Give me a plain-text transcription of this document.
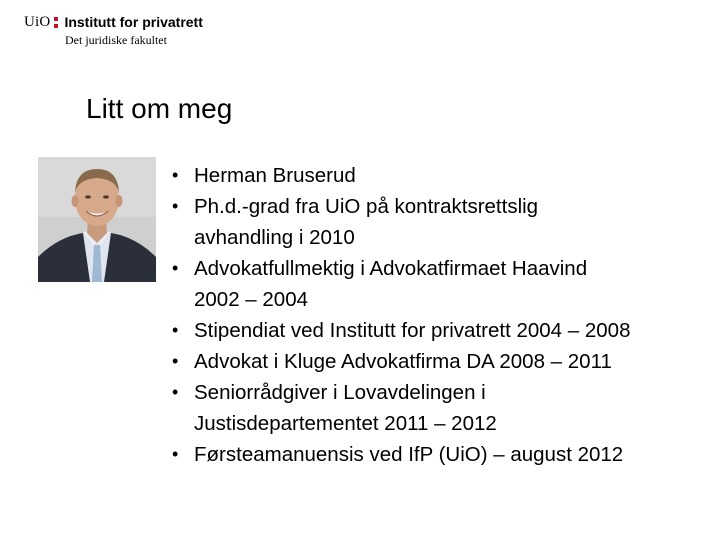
UiO Institutt for privatrett
Det juridiske fakultet
Litt om meg
• Herman Bruserud
• Ph.d.-grad fra UiO på kontraktsrettslig
avhandling i 2010
• Advokatfullmektig i Advokatfirmaet Haavind
2002 – 2004
• Stipendiat ved Institutt for privatrett 2004 – 2008
• Advokat i Kluge Advokatfirma DA 2008 – 2011
• Seniorrådgiver i Lovavdelingen i
Justisdepartementet 2011 – 2012
• Førsteamanuensis ved IfP (UiO) – august 2012
